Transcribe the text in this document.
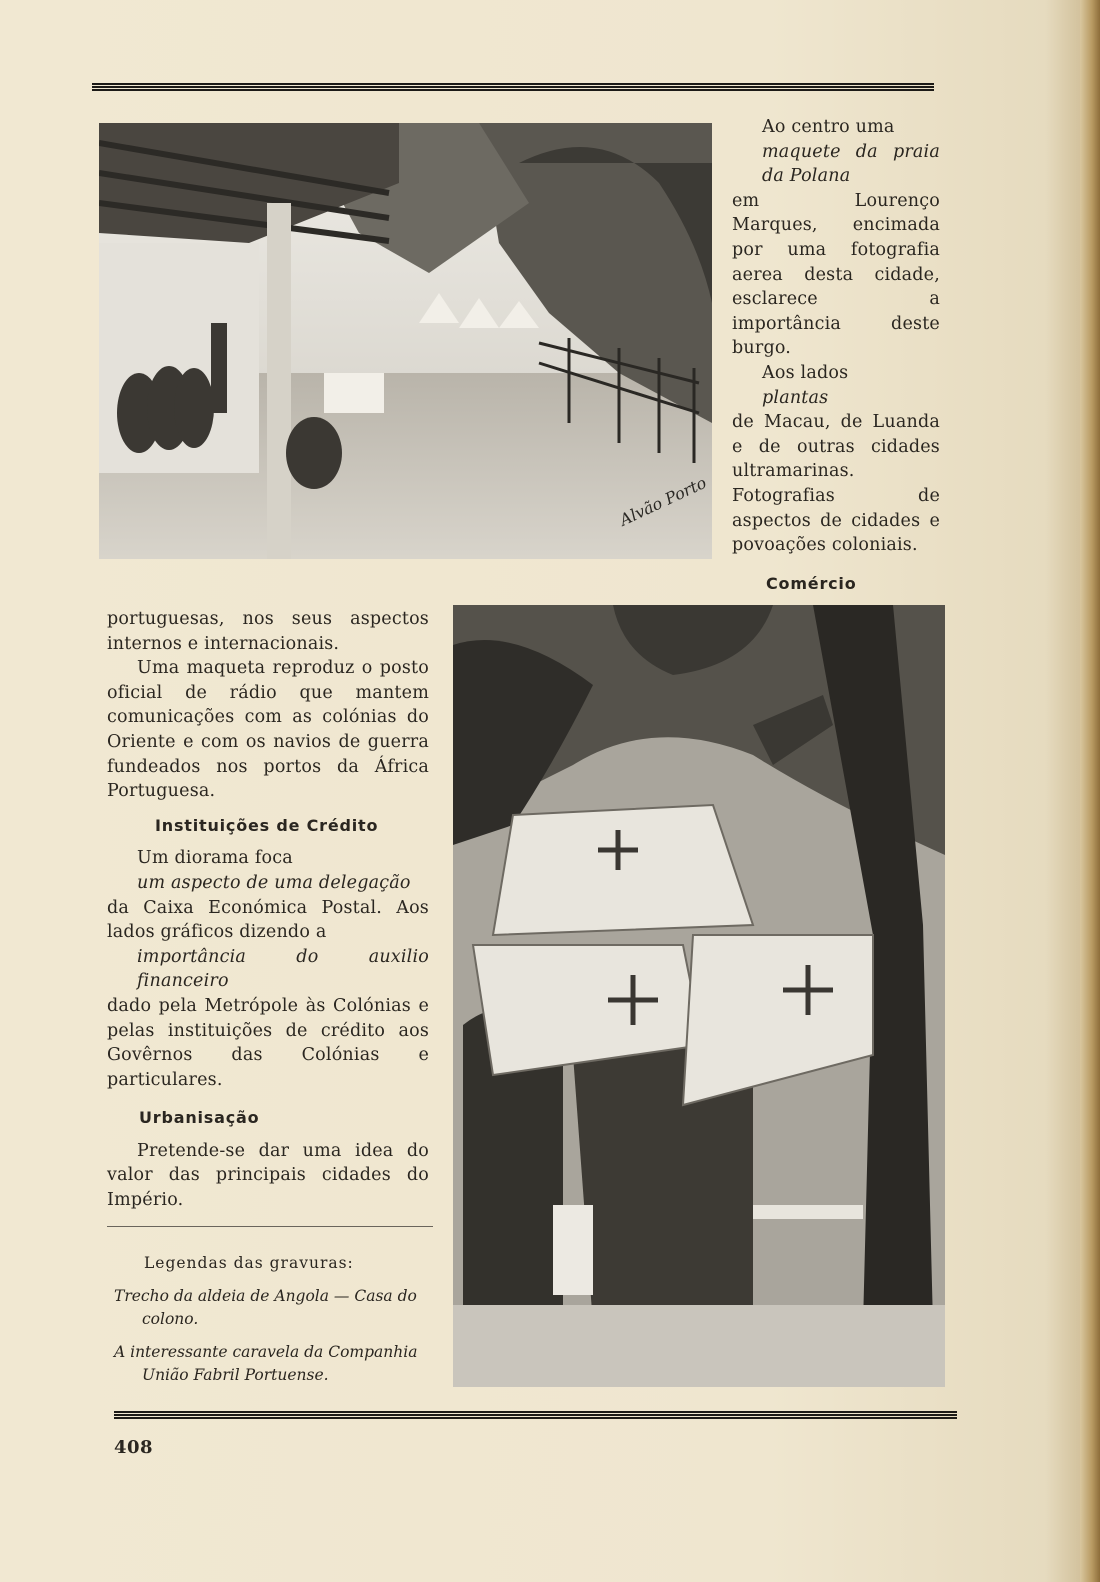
Alvão Porto

Ao centro uma

maquete da praia da Polana

em Lourenço Marques, encimada por uma fotografia aerea desta cidade, esclarece a importância deste burgo.

Aos lados

plantas

de Macau, de Luanda e de outras cidades ultramarinas. Fotografias de aspectos de cidades e povoações coloniais.

Comércio

portuguesas, nos seus aspectos internos e internacionais.

Uma maqueta reproduz o posto oficial de rádio que mantem comunicações com as colónias do Oriente e com os navios de guerra fundeados nos portos da África Portuguesa.

Instituições de Crédito

Um diorama foca

um aspecto de uma delegação

da Caixa Económica Postal. Aos lados gráficos dizendo a

importância do auxilio financeiro

dado pela Metrópole às Colónias e pelas instituições de crédito aos Govêrnos das Colónias e particulares.

Urbanisação

Pretende-se dar uma idea do valor das principais cidades do Império.

Legendas das gravuras:
Trecho da aldeia de Angola — Casa do colono.
A interessante caravela da Companhia União Fabril Portuense.
408
